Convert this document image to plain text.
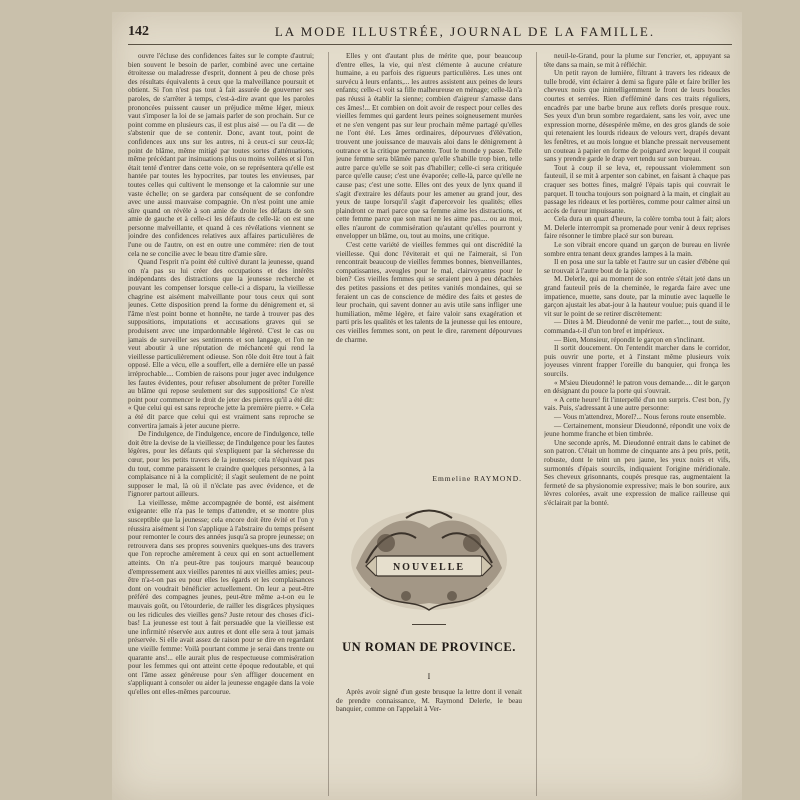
142	LA MODE ILLUSTRÉE, JOURNAL DE LA FAMILLE.

ouvre l'écluse des confidences faites sur le compte d'autrui; bien souvent le besoin de parler, combiné avec une certaine étroitesse ou maladresse d'esprit, donnent à peu de chose près des résultats équivalents à ceux que la malveillance poursuit et obtient. Si l'on n'est pas tout à fait assurée de gouverner ses paroles, de s'arrêter à temps, c'est-à-dire avant que les paroles prononcées puissent causer un préjudice même léger, mieux vaut s'imposer la loi de se jamais parler de son prochain. Sur ce point comme en plusieurs cas, il est plus aisé — ou l'a dit — de s'abstenir que de se contenir. Donc, avant tout, point de confidences aux uns sur les autres, ni à ceux-ci sur ceux-là; point de blâme, même mitigé par toutes sortes d'atténuations, même précédant par insinuations plus ou moins voilées et si l'on était tenté d'entrer dans cette voie, on se représentera qu'elle est hantée par toutes les hypocrites, par toutes les envieuses, par toutes celles qui cultivent le mensonge et la calomnie sur une vaste échelle; on se gardera par conséquent de se confondre avec une aussi mauvaise compagnie. On n'est point une amie sûre quand on révèle à son amie de droite les défauts de son amie de gauche et à celle-ci les défauts de celle-là: on est une personne malveillante, et quand à ces révélations viennent se joindre des confidences relatives aux affaires particulières de l'une ou de l'autre, on est en outre une commère: rien de tout cela ne se concilie avec le beau titre d'amie sûre.

Quand l'esprit n'a point été cultivé durant la jeunesse, quand on n'a pas su lui créer des occupations et des intérêts indépendants des distractions que la jeunesse recherche et pouvant les compenser lorsque celle-ci a disparu, la vieillesse chagrine est aisément malveillante pour tous ceux qui sont jeunes. Cette disposition prend la forme du dénigrement et, si l'âme n'est point bonne et honnête, ne tarde à trouver pas des suppositions, imputations et accusations graves qui se produisent avec une impardonnable légèreté. C'est le cas ou jamais de surveiller ses sentiments et son langage, et l'on ne veut aboutir à une réputation de méchanceté qui rend la vieillesse particulièrement odieuse. Son rôle doit être tout à fait opposé. Elle a vécu, elle a souffert, elle a dernière elle un passé irréprochable.... Combien de raisons pour juger avec indulgence les fautes évidentes, pour refuser absolument de prêter l'oreille au blâme qui repose seulement sur des suppositions! Ce n'est point pour commencer le droit de jeter des pierres qu'il a été dit: « Que celui qui est sans reproche jette la première pierre. » Cela a été dit parce que celui qui est vraiment sans reproche se convertira jamais à jeter aucune pierre.

De l'indulgence, de l'indulgence, encore de l'indulgence, telle doit être la devise de la vieillesse; de l'indulgence pour les fautes légères, pour les défauts qui s'expliquent par la sécheresse du cœur, pour les petits travers de la jeunesse; cela n'équivaut pas du tout, comme paraissent le craindre quelques personnes, à la complaisance ni à la complicité; il s'agit seulement de ne point supposer le mal, là où il n'éclate pas avec évidence, et de l'ignorer partout ailleurs.

La vieillesse, même accompagnée de bonté, est aisément exigeante: elle n'a pas le temps d'attendre, et se montre plus susceptible que la jeunesse; cela encore doit être évité et l'on y réussira aisément si l'on s'applique à l'abstraire du temps présent pour remonter le cours des années jusqu'à sa propre jeunesse; on retrouvera dans ses propres souvenirs quelques-uns des travers que l'on reproche amèrement à ceux qui en sont actuellement atteints. On n'a peut-être pas toujours marqué beaucoup d'empressement aux vieilles parentes ni aux vieilles amies; peut-être n'a-t-on pas eu pour elles les égards et les complaisances dont on voudrait bénéficier actuellement. On leur a peut-être préféré des compagnes jeunes, peut-être même a-t-on eu le mauvais goût, ou l'étourderie, de railler les disgrâces physiques ou les ridicules des vieilles gens? Juste retour des choses d'ici-bas! La jeunesse est tout à fait persuadée que la vieillesse est une infirmité réservée aux autres et dont elle sera à tout jamais préservée. Si elle avait assez de raison pour se dire en regardant une vieille femme: Voilà pourtant comme je serai dans trente ou quarante ans!... elle aurait plus de respectueuse commisération pour les femmes qui ont atteint cette époque redoutable, et qui ont l'âme assez généreuse pour s'en affliger doucement en s'appliquant à consoler ou aider la jeunesse engagée dans la voie qu'elles ont elles-mêmes parcourue.

Elles y ont d'autant plus de mérite que, pour beaucoup d'entre elles, la vie, qui n'est clémente à aucune créature humaine, a eu parfois des rigueurs particulières. Les unes ont survécu à leurs enfants,... les autres assistent aux peines de leurs enfants; celle-ci voit sa fille malheureuse en ménage; celle-là n'a pas réussi à établir la sienne; combien d'aigreur s'amasse dans ces âmes!... Et combien on doit avoir de respect pour celles des vieilles femmes qui gardent leurs peines soigneusement murées et ne s'en vengent pas sur leur prochain même partagé qu'elles ne l'ont été. Les âmes ordinaires, dépourvues d'élévation, trouvent une jouissance de mauvais aloi dans le dénigrement à outrance et la critique permanente. Tout le monde y passe. Telle jeune femme sera blâmée parce qu'elle s'habille trop bien, telle autre parce qu'elle se soit pas d'habiller; celle-ci sera critiquée parce qu'elle cause; c'est une évaporée; celle-là, parce qu'elle ne cause pas; c'est une sotte. Elles ont des yeux de lynx quand il s'agit d'extraire les défauts pour les amener au grand jour, des yeux de taupe lorsqu'il s'agit d'apercevoir les qualités; elles plaindront ce mari parce que sa femme aime les distractions, et cette femme parce que son mari ne les aime pas.... ou au moi, elles n'auront de commisération qu'autant qu'elles pourront y envelopper un blâme, ou, tout au moins, une critique.

C'est cette variété de vieilles femmes qui ont discrédité la vieillesse. Qui donc l'éviterait et qui ne l'aimerait, si l'on rencontrait beaucoup de vieilles femmes bonnes, bienveillantes, compatissantes, aveugles pour le mal, clairvoyantes pour le bien? Ces vieilles femmes qui se seraient peu à peu détachées des petites passions et des petites vanités mondaines, qui se feraient un cas de conscience de médire des faits et gestes de leur prochain, qui savent donner au avis utile sans infliger une humiliation, même légère, et faire valoir sans exagération et parti pris les qualités et les talents de la jeunesse qui les entoure, ces vieilles femmes sont, on peut le dire, rarement dépourvues de charme.

Emmeline RAYMOND.
NOUVELLE
UN ROMAN DE PROVINCE.
I

Après avoir signé d'un geste brusque la lettre dont il venait de prendre connaissance, M. Raymond Delerle, le beau banquier, comme on l'appelait à Ver-

neuil-le-Grand, pour la plume sur l'encrier, et, appuyant sa tête dans sa main, se mit à réfléchir.

Un petit rayon de lumière, filtrant à travers les rideaux de tulle brodé, vint éclairer à demi sa figure pâle et faire briller les cheveux noirs que inintelligemment le front de leurs boucles courtes et serrées. Rien d'efféminé dans ces traits réguliers, encadrés par une barbe brune aux reflets dorés presque roux. Ses yeux d'un brun sombre regardaient, sans les voir, avec une expression morne, désespérée même, en des gros glands de soie qui retenaient les lourds rideaux de velours vert, drapés devant les fenêtres, et au mois longue et blanche pressait nerveusement un couteau à papier en forme de poignard avec lequel il coupait sans y prendre garde le drap vert tendu sur son bureau.

Tout à coup il se leva, et, repoussant violemment son fauteuil, il se mit à arpenter son cabinet, en faisant à chaque pas craquer ses bottes fines, malgré l'épais tapis qui couvrait le parquet. Il toucha toujours son poignard à la main, et cinglait au passage les rideaux et les portières, comme pour calmer ainsi un accès de fureur impuissante.

Cela dura un quart d'heure, la colère tomba tout à fait; alors M. Delerle interrompit sa promenade pour venir à deux reprises faire résonner le timbre placé sur son bureau.

Le son vibrait encore quand un garçon de bureau en livrée sombre entra tenant deux grandes lampes à la main.

Il en posa une sur la table et l'autre sur un casier d'ébène qui se trouvait à l'autre bout de la pièce.

M. Delerle, qui au moment de son entrée s'était jeté dans un grand fauteuil près de la cheminée, le regarda faire avec une impatience, muette, sans doute, par la minutie avec laquelle le garçon ajustait les abat-jour à la hauteur voulue; puis quand il le vit sur le point de se retirer discrètement:

— Dites à M. Dieudonné de venir me parler..., tout de suite, commanda-t-il d'un ton bref et impérieux.

— Bien, Monsieur, répondit le garçon en s'inclinant.

Il sortit doucement. On l'entendit marcher dans le corridor, puis ouvrir une porte, et à l'instant même plusieurs voix joyeuses vinrent frapper l'oreille du banquier, qui fronça les sourcils.

« M'sieu Dieudonné! le patron vous demande.... dit le garçon en désignant du pouce la porte qui s'ouvrait.

« A cette heure! fit l'interpellé d'un ton surpris. C'est bon, j'y vais. Puis, s'adressant à une autre personne:

— Vous m'attendrez, Morel?... Nous ferons route ensemble.

— Certainement, monsieur Dieudonné, répondit une voix de jeune homme franche et bien timbrée.

Une seconde après, M. Dieudonné entrait dans le cabinet de son patron. C'était un homme de cinquante ans à peu près, petit, robuste, dont le teint un peu jaune, les yeux noirs et vifs, surmontés d'épais sourcils, indiquaient l'origine méridionale. Ses cheveux grisonnants, coupés presque ras, augmentaient la fermeté de sa physionomie expressive; mais le bon sourire, aux lèvres colorées, avait une expression de malice railleuse qui s'éclairait par la bonté.
